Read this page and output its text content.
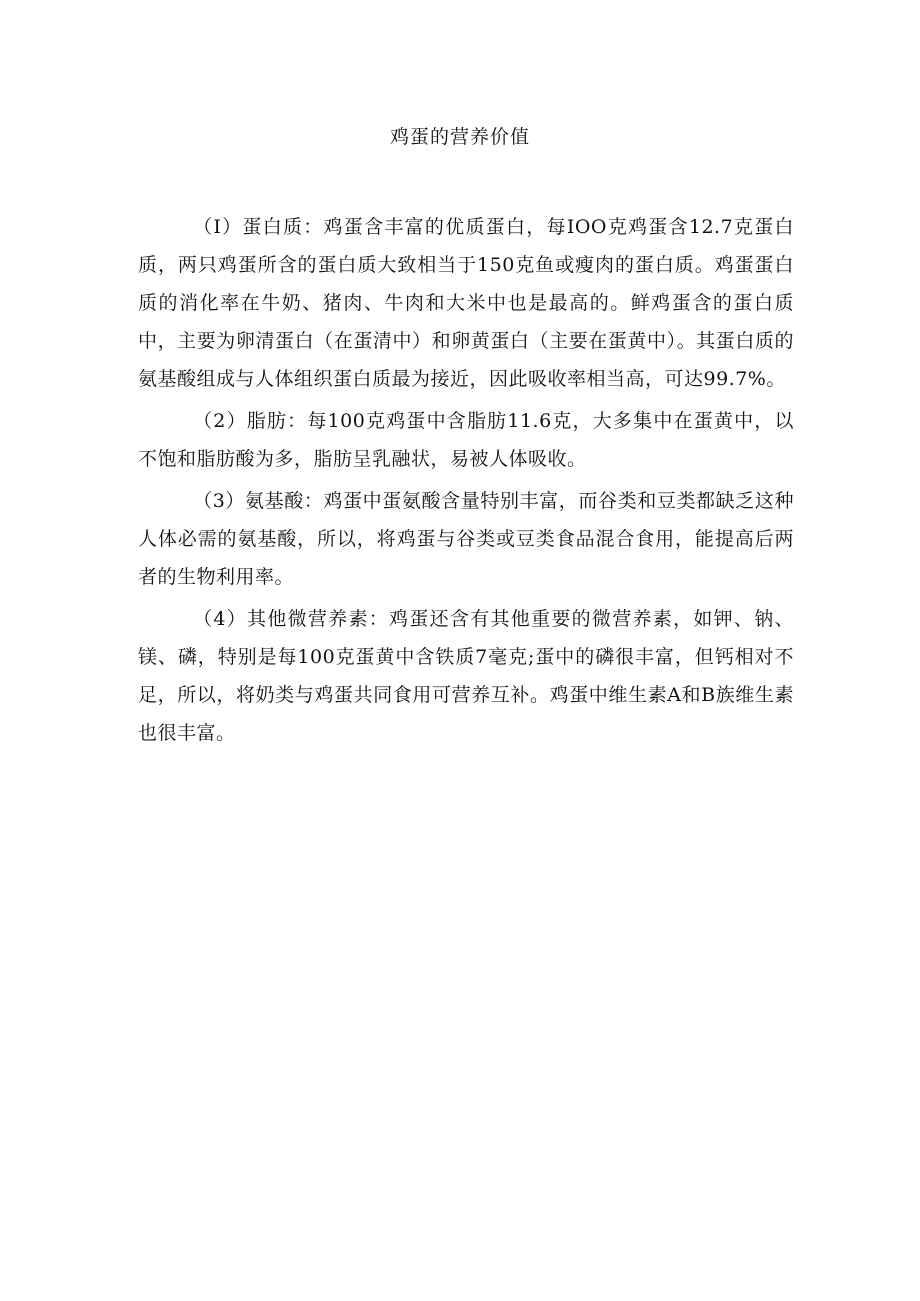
鸡蛋的营养价值

（I）蛋白质：鸡蛋含丰富的优质蛋白，每IOO克鸡蛋含12.7克蛋白质，两只鸡蛋所含的蛋白质大致相当于150克鱼或瘦肉的蛋白质。鸡蛋蛋白质的消化率在牛奶、猪肉、牛肉和大米中也是最高的。鲜鸡蛋含的蛋白质中，主要为卵清蛋白（在蛋清中）和卵黄蛋白（主要在蛋黄中）。其蛋白质的氨基酸组成与人体组织蛋白质最为接近，因此吸收率相当高，可达99.7%。

（2）脂肪：每100克鸡蛋中含脂肪11.6克，大多集中在蛋黄中，以不饱和脂肪酸为多，脂肪呈乳融状，易被人体吸收。

（3）氨基酸：鸡蛋中蛋氨酸含量特别丰富，而谷类和豆类都缺乏这种人体必需的氨基酸，所以，将鸡蛋与谷类或豆类食品混合食用，能提高后两者的生物利用率。

（4）其他微营养素：鸡蛋还含有其他重要的微营养素，如钾、钠、镁、磷，特别是每100克蛋黄中含铁质7毫克;蛋中的磷很丰富，但钙相对不足，所以，将奶类与鸡蛋共同食用可营养互补。鸡蛋中维生素A和B族维生素也很丰富。
